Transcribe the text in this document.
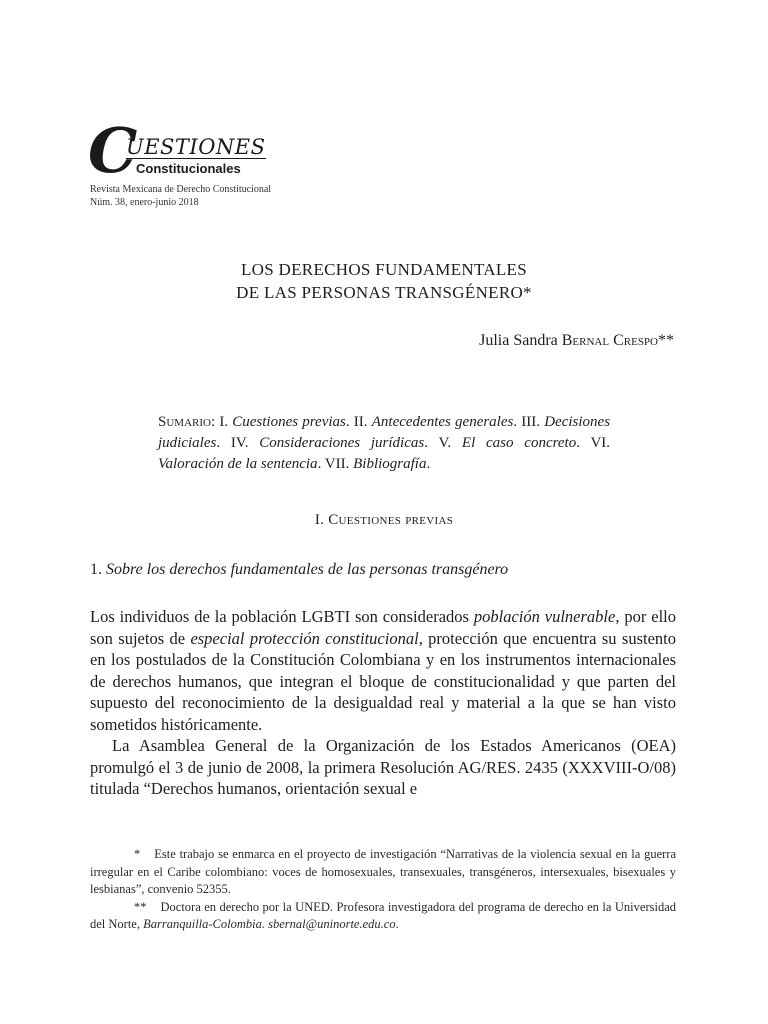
C
UESTIONES
Constitucionales
Revista Mexicana de Derecho Constitucional
Núm. 38, enero-junio 2018
LOS DERECHOS FUNDAMENTALES
DE LAS PERSONAS TRANSGÉNERO*
Julia Sandra Bernal Crespo**
Sumario: I. Cuestiones previas. II. Antecedentes generales. III. Decisiones judiciales. IV. Consideraciones jurídicas. V. El caso concreto. VI. Valoración de la sentencia. VII. Bibliografía.
I. Cuestiones previas
1. Sobre los derechos fundamentales de las personas transgénero

Los individuos de la población LGBTI son considerados población vulnerable, por ello son sujetos de especial protección constitucional, protección que encuentra su sustento en los postulados de la Constitución Colombiana y en los instrumentos internacionales de derechos humanos, que integran el bloque de constitucionalidad y que parten del supuesto del reconocimiento de la desigualdad real y material a la que se han visto sometidos históricamente.

La Asamblea General de la Organización de los Estados Americanos (OEA) promulgó el 3 de junio de 2008, la primera Resolución AG/RES. 2435 (XXXVIII-O/08) titulada “Derechos humanos, orientación sexual e

* Este trabajo se enmarca en el proyecto de investigación “Narrativas de la violencia sexual en la guerra irregular en el Caribe colombiano: voces de homosexuales, transexuales, transgéneros, intersexuales, bisexuales y lesbianas”, convenio 52355.

** Doctora en derecho por la UNED. Profesora investigadora del programa de derecho en la Universidad del Norte, Barranquilla-Colombia. sbernal@uninorte.edu.co.
